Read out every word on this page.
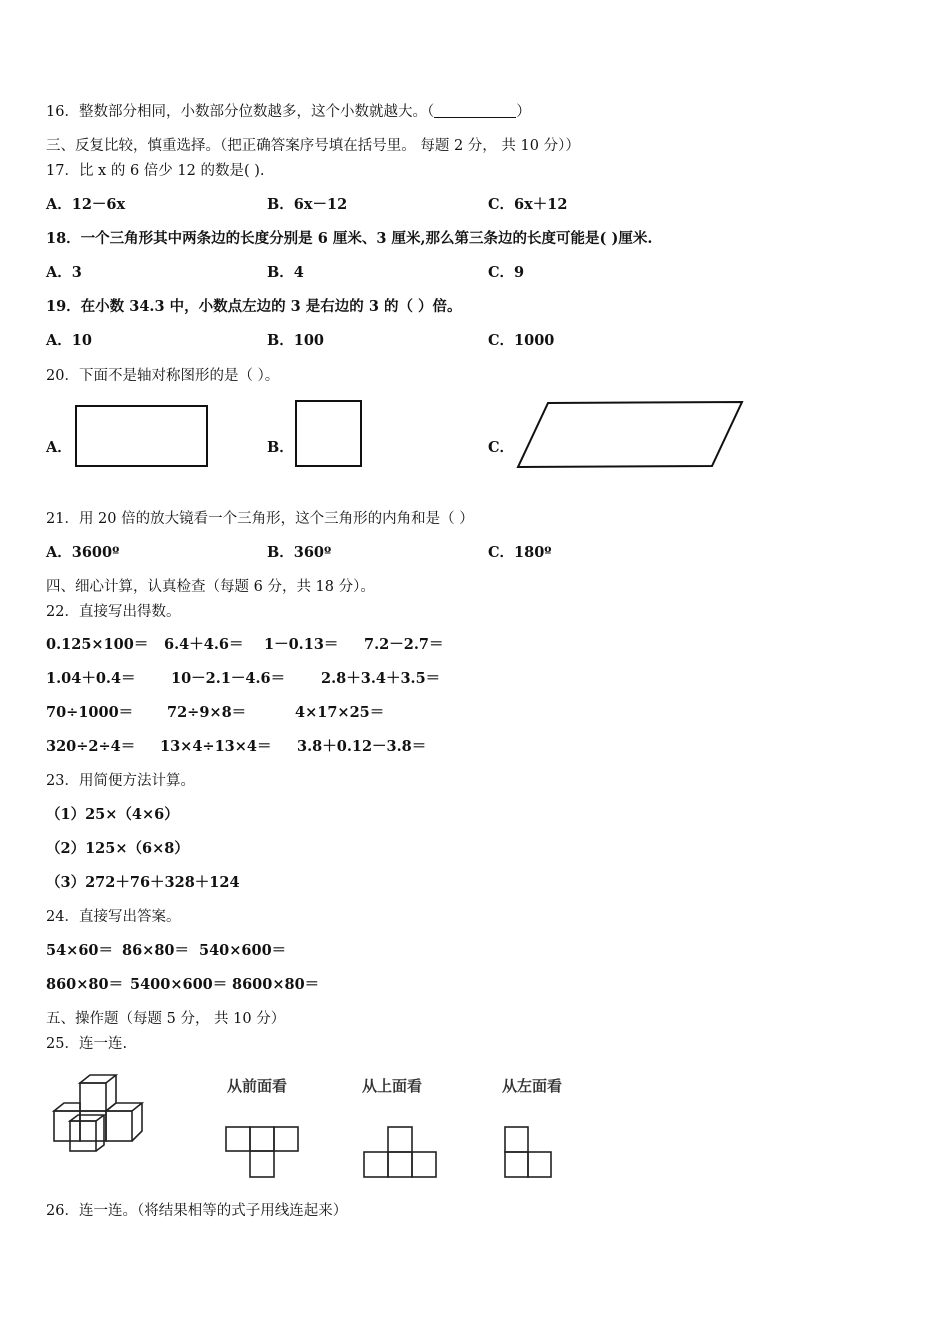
16．整数部分相同，小数部分位数越多，这个小数就越大。（	）
三、反复比较，慎重选择。（把正确答案序号填在括号里。 每题 2 分， 共 10 分））
17．比 x 的 6 倍少 12 的数是( ).
A．12－6x	B．6x－12	C．6x＋12
18．一个三角形其中两条边的长度分别是 6 厘米、3 厘米,那么第三条边的长度可能是( )厘米.
A．3	B．4	C．9
19．在小数 34.3 中，小数点左边的 3 是右边的 3 的（ ）倍。
A．10	B．100	C．1000
20．下面不是轴对称图形的是（ ）。
A．	B．	C．
21．用 20 倍的放大镜看一个三角形，这个三角形的内角和是（ ）
A．3600º	B．360º	C．180º
四、细心计算，认真检查（每题 6 分，共 18 分）。
22．直接写出得数。
0.125×100＝ 6.4＋4.6＝ 1－0.13＝ 7.2－2.7＝
1.04＋0.4＝ 10－2.1－4.6＝ 2.8＋3.4＋3.5＝
70÷1000＝ 72÷9×8＝	4×17×25＝
320÷2÷4＝ 13×4÷13×4＝ 3.8＋0.12－3.8＝
23．用简便方法计算。
（1）25×（4×6）
（2）125×（6×8）
（3）272＋76＋328＋124
24．直接写出答案。
54×60＝ 86×80＝ 540×600＝
860×80＝ 5400×600＝ 8600×80＝
五、操作题（每题 5 分， 共 10 分）
25．连一连.
从前面看	从上面看	从左面看
26．连一连。（将结果相等的式子用线连起来）
